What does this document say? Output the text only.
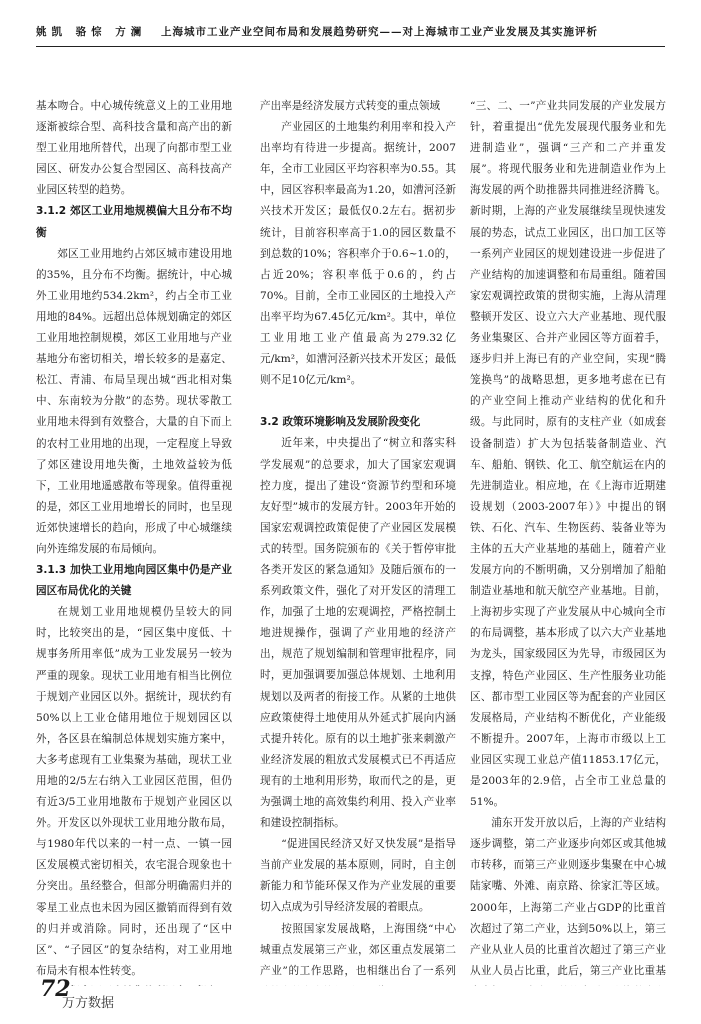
姚凯 骆悰 方澜 上海城市工业产业空间布局和发展趋势研究——对上海城市工业产业发展及其实施评析

基本吻合。中心城传统意义上的工业用地逐渐被综合型、高科技含量和高产出的新型工业用地所替代，出现了向都市型工业园区、研发办公复合型园区、高科技高产业园区转型的趋势。

3.1.2 郊区工业用地规模偏大且分布不均衡

郊区工业用地约占郊区城市建设用地的35%，且分布不均衡。据统计，中心城外工业用地约534.2km²，约占全市工业用地的84%。远超出总体规划确定的郊区工业用地控制规模，郊区工业用地与产业基地分布密切相关，增长较多的是嘉定、松江、青浦、布局呈现出城“西北相对集中、东南较为分散”的态势。现状零散工业用地未得到有效整合，大量的自下而上的农村工业用地的出现，一定程度上导致了郊区建设用地失衡，土地效益较为低下，工业用地遥感散布等现象。值得重视的是，郊区工业用地增长的同时，也呈现近郊快速增长的趋向，形成了中心城继续向外连绵发展的布局倾向。

3.1.3 加快工业用地向园区集中仍是产业园区布局优化的关键

在规划工业用地规模仍呈较大的同时，比较突出的是，“园区集中度低、十规事务所用率低”成为工业发展另一较为严重的现象。现状工业用地有相当比例位于规划产业园区以外。据统计，现状约有50%以上工业仓储用地位于规划园区以外，各区县在编制总体规划实施方案中，大多考虑现有工业集聚为基础，现状工业用地的2/5左右纳入工业园区范围，但仍有近3/5工业用地散布于规划产业园区以外。开发区以外现状工业用地分散布局，与1980年代以来的一村一点、一镇一园区发展模式密切相关，农宅混合现象也十分突出。虽经整合，但部分明确需归并的零星工业点也未因为园区撤销而得到有效的归并或消除。同时，还出现了“区中区”、“子园区”的复杂结构，对工业用地布局未有根本性转变。

产出率是经济发展方式转变的重点领域

产业园区的土地集约利用率和投入产出率均有待进一步提高。据统计，2007年，全市工业园区平均容积率为0.55。其中，园区容积率最高为1.20，如漕河泾新兴技术开发区；最低仅0.2左右。据初步统计，目前容积率高于1.0的园区数量不到总数的10%；容积率介于0.6~1.0的，占近20%；容积率低于0.6的，约占70%。目前，全市工业园区的土地投入产出率平均为67.45亿元/km²。其中，单位工业用地工业产值最高为279.32亿元/km²，如漕河泾新兴技术开发区；最低则不足10亿元/km²。

3.2 政策环境影响及发展阶段变化

近年来，中央提出了“树立和落实科学发展观”的总要求，加大了国家宏观调控力度，提出了建设“资源节约型和环境友好型”城市的发展方针。2003年开始的国家宏观调控政策促使了产业园区发展模式的转型。国务院颁布的《关于暂停审批各类开发区的紧急通知》及随后颁布的一系列政策文件，强化了对开发区的清理工作，加强了土地的宏观调控，严格控制土地进规操作，强调了产业用地的经济产出，规范了规划编制和管理审批程序，同时，更加强调要加强总体规划、土地利用规划以及两者的衔接工作。从紧的土地供应政策使得土地使用从外延式扩展向内涵式提升转化。原有的以土地扩张来刺激产业经济发展的粗放式发展模式已不再适应现有的土地利用形势，取而代之的是，更为强调土地的高效集约利用、投入产业率和建设控制指标。

“促进国民经济又好又快发展”是指导当前产业发展的基本原则，同时，自主创新能力和节能环保又作为产业发展的重要切入点成为引导经济发展的着眼点。

按照国家发展战略，上海围绕“中心城重点发展第三产业，郊区重点发展第二产业”的工作思路，也相继出台了一系列

“三、二、一”产业共同发展的产业发展方针，着重提出“优先发展现代服务业和先进制造业”，强调“三产和二产并重发展”。将现代服务业和先进制造业作为上海发展的两个助推器共同推进经济腾飞。新时期，上海的产业发展继续呈现快速发展的势态，试点工业园区，出口加工区等一系列产业园区的规划建设进一步促进了产业结构的加速调整和布局重组。随着国家宏观调控政策的贯彻实施，上海从清理整顿开发区、设立六大产业基地、现代服务业集聚区、合并产业园区等方面着手，逐步归并上海已有的产业空间，实现“腾笼换鸟”的战略思想，更多地考虑在已有的产业空间上推动产业结构的优化和升级。与此同时，原有的支柱产业（如成套设备制造）扩大为包括装备制造业、汽车、船舶、钢铁、化工、航空航运在内的先进制造业。相应地，在《上海市近期建设规划（2003-2007年）》中提出的钢铁、石化、汽车、生物医药、装备业等为主体的五大产业基地的基础上，随着产业发展方向的不断明确，又分别增加了船舶制造业基地和航天航空产业基地。目前，上海初步实现了产业发展从中心城向全市的布局调整，基本形成了以六大产业基地为龙头，国家级园区为先导，市级园区为支撑，特色产业园区、生产性服务业功能区、都市型工业园区等为配套的产业园区发展格局，产业结构不断优化，产业能级不断提升。2007年，上海市市级以上工业园区实现工业总产值11853.17亿元，是2003年的2.9倍，占全市工业总量的51%。

浦东开发开放以后，上海的产业结构逐步调整，第二产业逐步向郊区或其他城市转移，而第三产业则逐步集聚在中心城陆家嘴、外滩、南京路、徐家汇等区域。2000年，上海第二产业占GDP的比重首次超过了第二产业，达到50%以上，第三产业从业人员的比重首次超过了第三产业从业人员占比重，此后，第三产业比重基

72
万方数据
